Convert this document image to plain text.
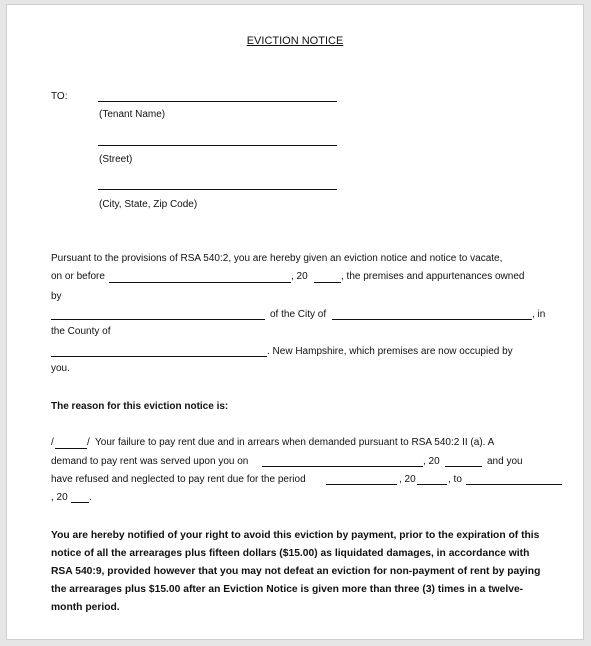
EVICTION NOTICE
TO:
(Tenant Name)
(Street)
(City, State, Zip Code)
Pursuant to the provisions of RSA 540:2, you are hereby given an eviction notice and notice to vacate,
on or before	, 20	, the premises and appurtenances owned
by
of the City of	, in
the County of
. New Hampshire, which premises are now occupied by
you.
The reason for this eviction notice is:
/	/ Your failure to pay rent due and in arrears when demanded pursuant to RSA 540:2 II (a). A
demand to pay rent was served upon you on	, 20	and you
have refused and neglected to pay rent due for the period	, 20	, to
, 20 .
You are hereby notified of your right to avoid this eviction by payment, prior to the expiration of this notice of all the arrearages plus fifteen dollars ($15.00) as liquidated damages, in accordance with RSA 540:9, provided however that you may not defeat an eviction for non-payment of rent by paying the arrearages plus $15.00 after an Eviction Notice is given more than three (3) times in a twelve-month period.
